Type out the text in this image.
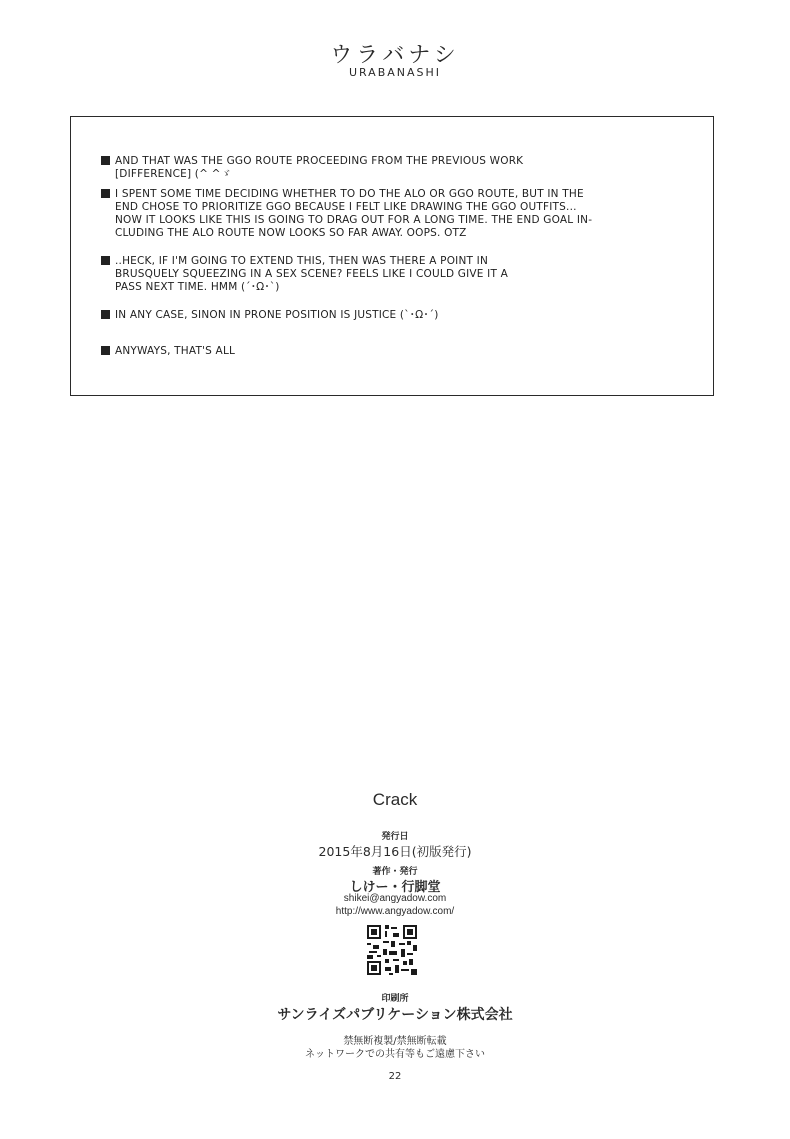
ウラバナシ
URABANASHI
AND THAT WAS THE GGO ROUTE PROCEEDING FROM THE PREVIOUS WORK
[DIFFERENCE] (^ ^ゞ
I SPENT SOME TIME DECIDING WHETHER TO DO THE ALO OR GGO ROUTE, BUT IN THE
END CHOSE TO PRIORITIZE GGO BECAUSE I FELT LIKE DRAWING THE GGO OUTFITS...
NOW IT LOOKS LIKE THIS IS GOING TO DRAG OUT FOR A LONG TIME. THE END GOAL IN-
CLUDING THE ALO ROUTE NOW LOOKS SO FAR AWAY. OOPS. OTZ
..HECK, IF I'M GOING TO EXTEND THIS, THEN WAS THERE A POINT IN
BRUSQUELY SQUEEZING IN A SEX SCENE? FEELS LIKE I COULD GIVE IT A
PASS NEXT TIME. HMM (´･Ω･`)
IN ANY CASE, SINON IN PRONE POSITION IS JUSTICE (`･Ω･´)
ANYWAYS, THAT'S ALL
Crack
発行日
2015年8月16日(初版発行)
著作・発行
しけー・行脚堂
shikei@angyadow.com
http://www.angyadow.com/
印刷所
サンライズパブリケーション株式会社
禁無断複製/禁無断転載
ネットワークでの共有等もご遠慮下さい
22
